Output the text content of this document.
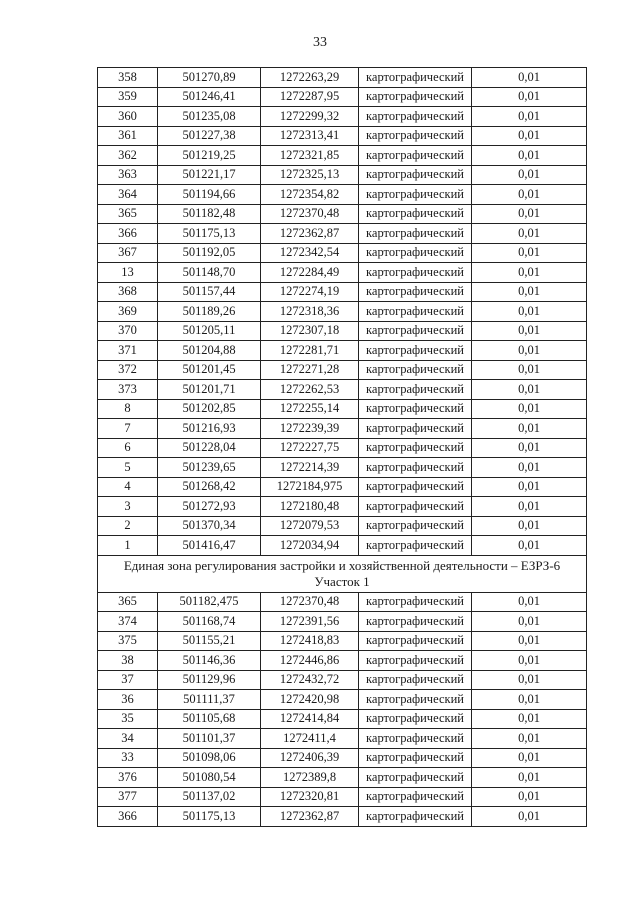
33
358	501270,89	1272263,29	картографический	0,01
359	501246,41	1272287,95	картографический	0,01
360	501235,08	1272299,32	картографический	0,01
361	501227,38	1272313,41	картографический	0,01
362	501219,25	1272321,85	картографический	0,01
363	501221,17	1272325,13	картографический	0,01
364	501194,66	1272354,82	картографический	0,01
365	501182,48	1272370,48	картографический	0,01
366	501175,13	1272362,87	картографический	0,01
367	501192,05	1272342,54	картографический	0,01
13	501148,70	1272284,49	картографический	0,01
368	501157,44	1272274,19	картографический	0,01
369	501189,26	1272318,36	картографический	0,01
370	501205,11	1272307,18	картографический	0,01
371	501204,88	1272281,71	картографический	0,01
372	501201,45	1272271,28	картографический	0,01
373	501201,71	1272262,53	картографический	0,01
8	501202,85	1272255,14	картографический	0,01
7	501216,93	1272239,39	картографический	0,01
6	501228,04	1272227,75	картографический	0,01
5	501239,65	1272214,39	картографический	0,01
4	501268,42	1272184,975	картографический	0,01
3	501272,93	1272180,48	картографический	0,01
2	501370,34	1272079,53	картографический	0,01
1	501416,47	1272034,94	картографический	0,01
Единая зона регулирования застройки и хозяйственной деятельности – ЕЗРЗ-6
Участок 1				
365	501182,475	1272370,48	картографический	0,01
374	501168,74	1272391,56	картографический	0,01
375	501155,21	1272418,83	картографический	0,01
38	501146,36	1272446,86	картографический	0,01
37	501129,96	1272432,72	картографический	0,01
36	501111,37	1272420,98	картографический	0,01
35	501105,68	1272414,84	картографический	0,01
34	501101,37	1272411,4	картографический	0,01
33	501098,06	1272406,39	картографический	0,01
376	501080,54	1272389,8	картографический	0,01
377	501137,02	1272320,81	картографический	0,01
366	501175,13	1272362,87	картографический	0,01
